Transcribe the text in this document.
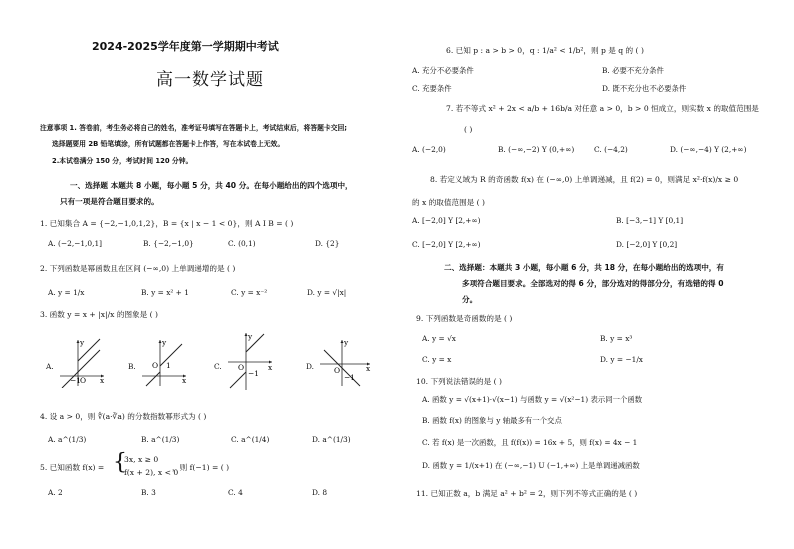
2024-2025学年度第一学期期中考试
高一数学试题
注意事项 1. 答卷前，考生务必将自己的姓名，准考证号填写在答题卡上，考试结束后，将答题卡交回;
选择题要用 2B 铅笔填涂，所有试题都在答题卡上作答，写在本试卷上无效。
2.本试卷满分 150 分，考试时间 120 分钟。
一、选择题 本题共 8 小题，每小题 5 分，共 40 分。在每小题给出的四个选项中，
只有一项是符合题目要求的。
1. 已知集合 A = {−2,−1,0,1,2}，B = {x | x − 1 < 0}，则 A I B = ( )
A. (−2,−1,0,1]	B. {−2,−1,0}	C. (0,1)	D. {2}
2. 下列函数是幂函数且在区间 (−∞,0) 上单调递增的是 ( )
A. y = 1/x	B. y = x² + 1	C. y = x⁻²	D. y = √|x|
3. 函数 y = x + |x|/x 的图象是 ( )
A.
−1 O x
y
B. O 1
x
y
C. O
−1
x
y
D.	O
−1
x
y
4. 设 a > 0，则 ∜(a·∛a) 的分数指数幂形式为 ( )
A. a^(1/3)	B. a^(1/3)	C. a^(1/4)	D. a^(1/3)
5. 已知函数 f(x) = {
3x, x ≥ 0
f(x + 2), x < 0
，则 f(−1) = ( )
A. 2	B. 3	C. 4	D. 8
6. 已知 p : a > b > 0，q : 1/a² < 1/b²，则 p 是 q 的 ( )
A. 充分不必要条件	B. 必要不充分条件
C. 充要条件	D. 既不充分也不必要条件
7. 若不等式 x² + 2x < a/b + 16b/a 对任意 a > 0，b > 0 恒成立，则实数 x 的取值范围是
( )
A. (−2,0)	B. (−∞,−2) Y (0,+∞)	C. (−4,2)	D. (−∞,−4) Y (2,+∞)
8. 若定义域为 R 的奇函数 f(x) 在 (−∞,0) 上单调递减，且 f(2) = 0，则满足 x²·f(x)/x ≥ 0
的 x 的取值范围是 ( )
A. [−2,0] Y [2,+∞)	B. [−3,−1] Y [0,1]
C. [−2,0] Y [2,+∞)	D. [−2,0] Y [0,2]
二、选择题：本题共 3 小题，每小题 6 分，共 18 分，在每小题给出的选项中，有
多项符合题目要求。全部选对的得 6 分，部分选对的得部分分，有选错的得 0
分。
9. 下列函数是奇函数的是 ( )
A. y = √x	B. y = x³
C. y = x	D. y = −1/x
10. 下列说法错误的是 ( )
A. 函数 y = √(x+1)·√(x−1) 与函数 y = √(x²−1) 表示同一个函数
B. 函数 f(x) 的图象与 y 轴最多有一个交点
C. 若 f(x) 是一次函数，且 f(f(x)) = 16x + 5，则 f(x) = 4x − 1
D. 函数 y = 1/(x+1) 在 (−∞,−1) U (−1,+∞) 上是单调递减函数
11. 已知正数 a，b 满足 a² + b² = 2，则下列不等式正确的是 ( )
